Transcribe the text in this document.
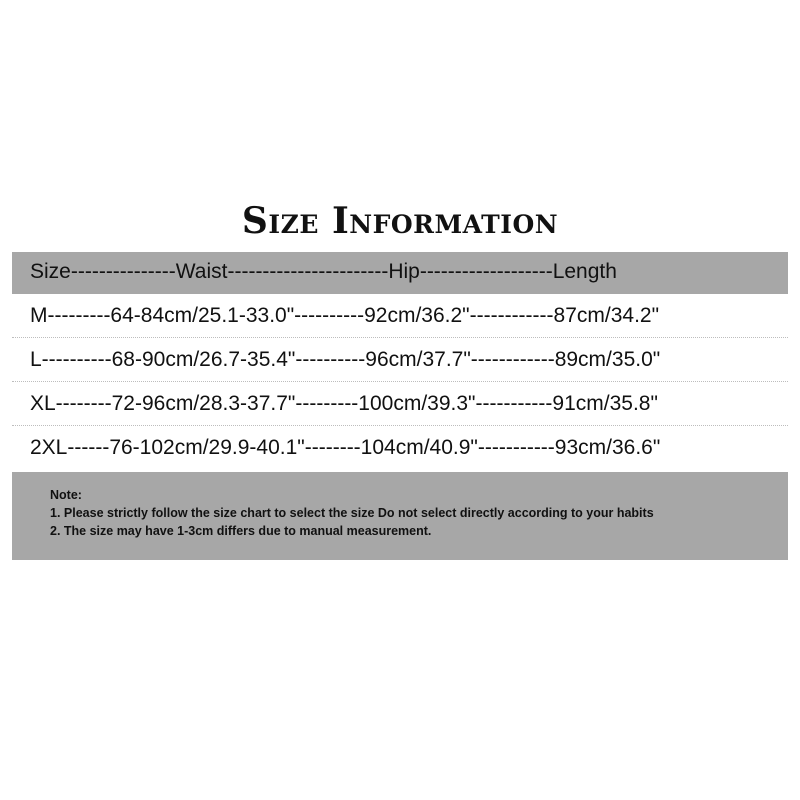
Size Information
Size---------------Waist-----------------------Hip-------------------Length
M---------64-84cm/25.1-33.0"----------92cm/36.2"------------87cm/34.2"
L----------68-90cm/26.7-35.4"----------96cm/37.7"------------89cm/35.0"
XL--------72-96cm/28.3-37.7"---------100cm/39.3"-----------91cm/35.8"
2XL------76-102cm/29.9-40.1"--------104cm/40.9"-----------93cm/36.6"
Note:
1. Please strictly follow the size chart to select the size Do not select directly according to your habits
2. The size may have 1-3cm differs due to manual measurement.
